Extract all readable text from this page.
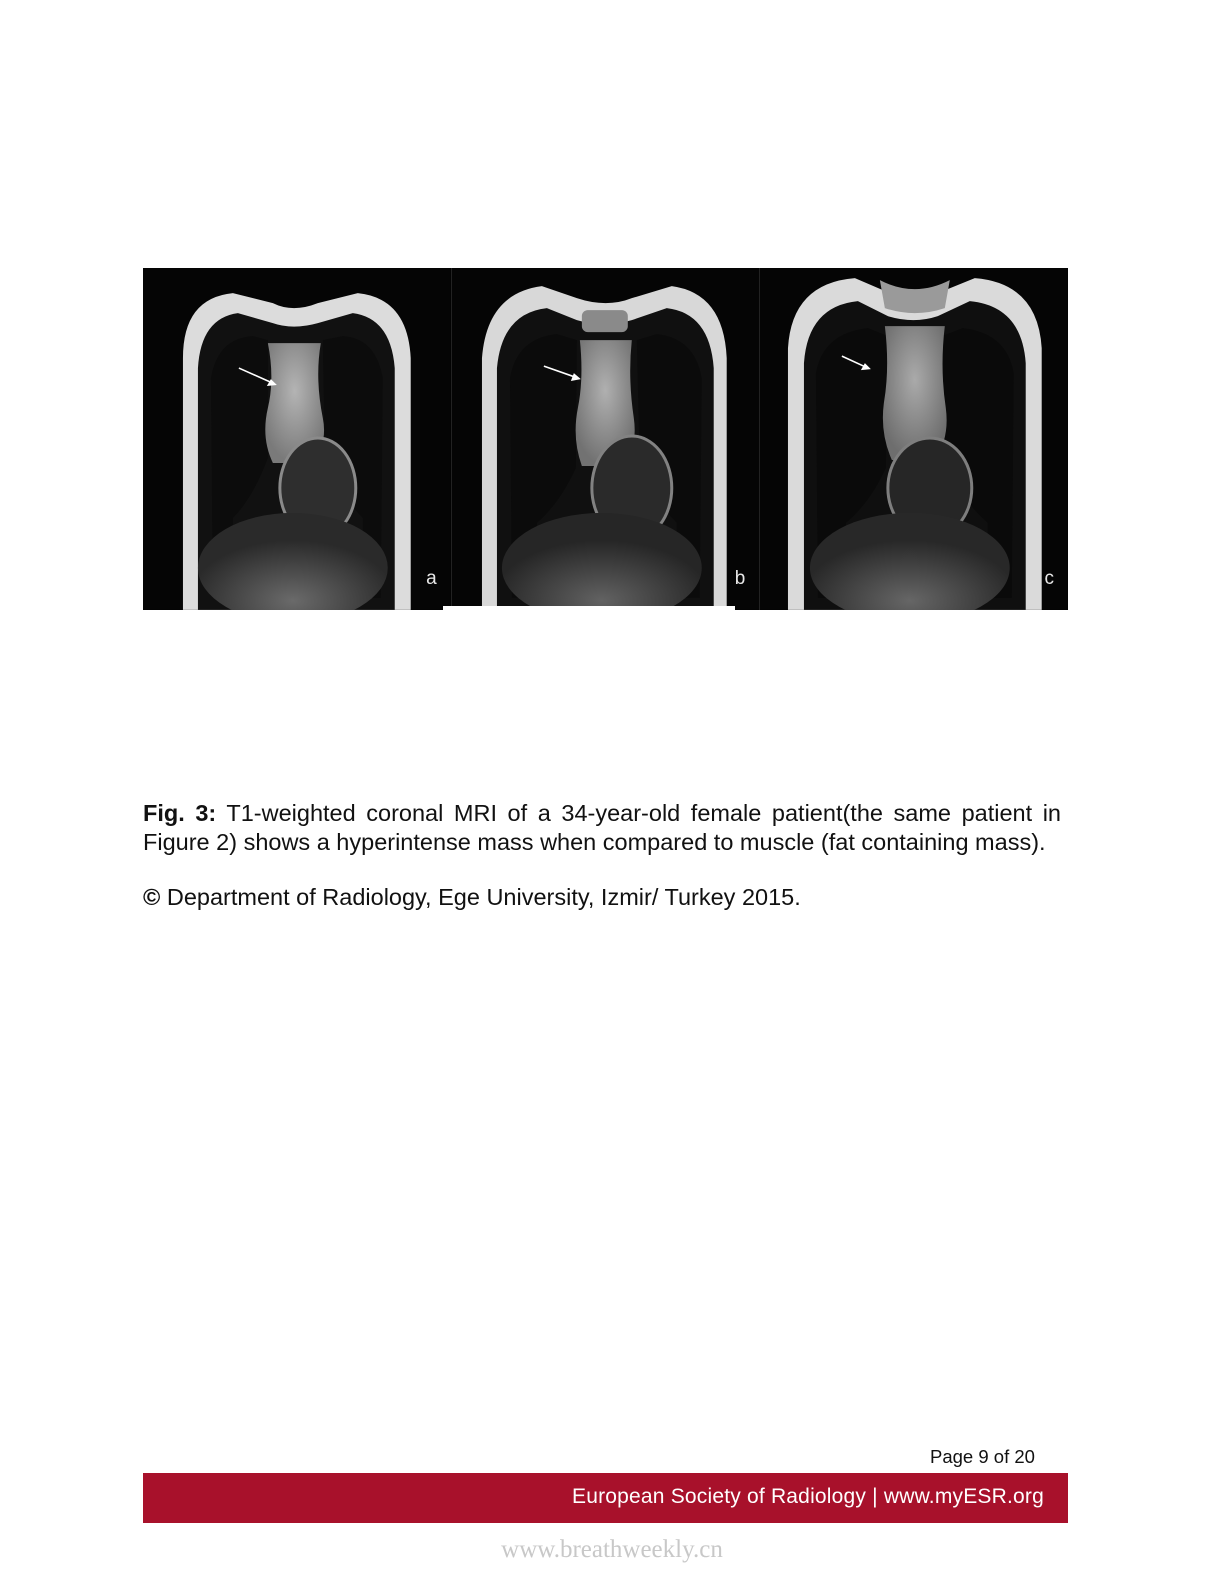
a	b	c
Fig. 3: T1-weighted coronal MRI of a 34-year-old female patient(the same patient in Figure 2) shows a hyperintense mass when compared to muscle (fat containing mass).
© Department of Radiology, Ege University, Izmir/ Turkey 2015.
Page 9 of 20
European Society of Radiology | www.myESR.org
www.breathweekly.cn
